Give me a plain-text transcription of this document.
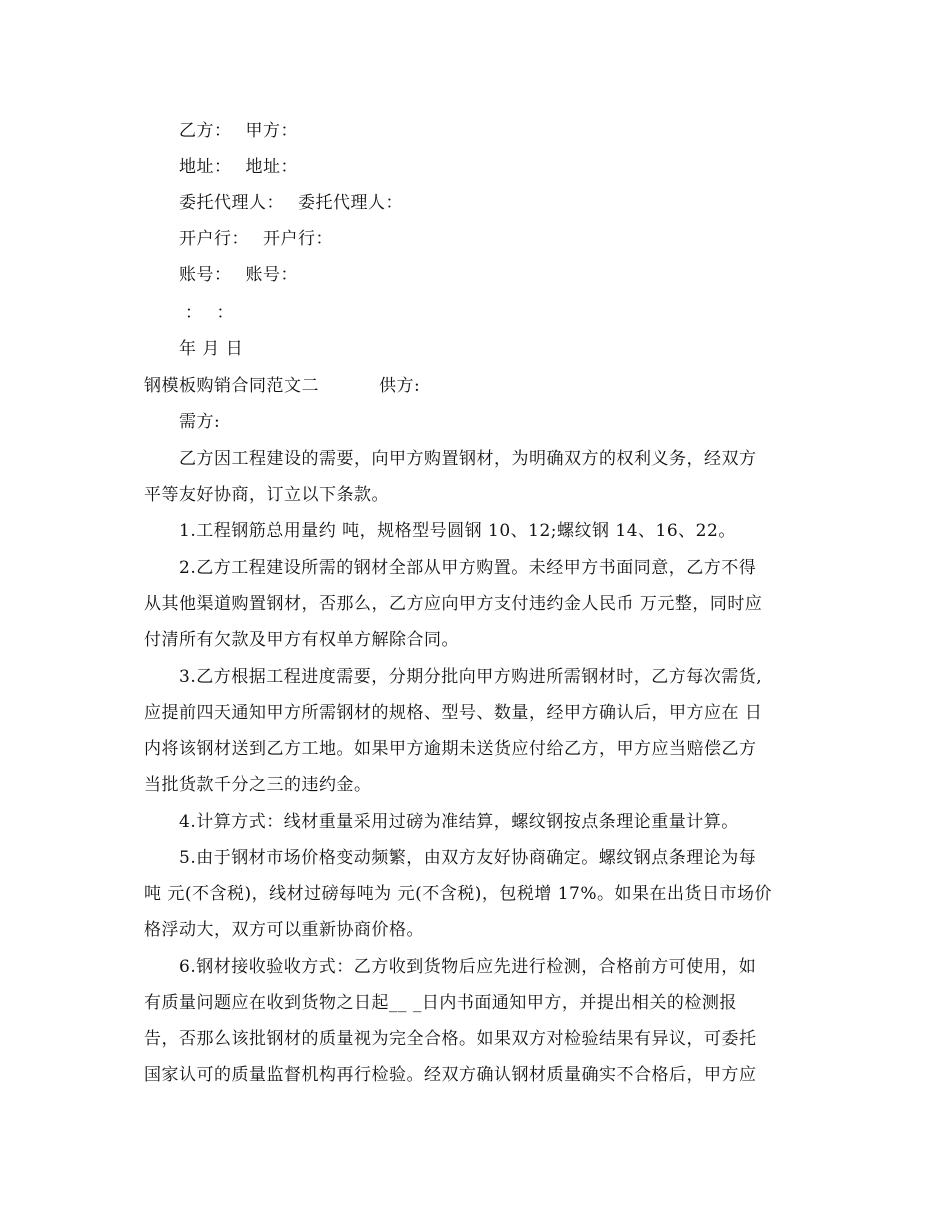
乙方： 甲方：
地址： 地址：
委托代理人： 委托代理人：
开户行： 开户行：
账号： 账号：
： ：
年 月 日
钢模板购销合同范文二	供方:
需方:
乙方因工程建设的需要，向甲方购置钢材，为明确双方的权利义务，经双方
平等友好协商，订立以下条款。
1.工程钢筋总用量约 吨，规格型号圆钢 10、12;螺纹钢 14、16、22。
2.乙方工程建设所需的钢材全部从甲方购置。未经甲方书面同意，乙方不得
从其他渠道购置钢材，否那么，乙方应向甲方支付违约金人民币 万元整，同时应
付清所有欠款及甲方有权单方解除合同。
3.乙方根据工程进度需要，分期分批向甲方购进所需钢材时，乙方每次需货,
应提前四天通知甲方所需钢材的规格、型号、数量，经甲方确认后，甲方应在 日
内将该钢材送到乙方工地。如果甲方逾期未送货应付给乙方，甲方应当赔偿乙方
当批货款千分之三的违约金。
4.计算方式：线材重量采用过磅为准结算，螺纹钢按点条理论重量计算。
5.由于钢材市场价格变动频繁，由双方友好协商确定。螺纹钢点条理论为每
吨 元(不含税)，线材过磅每吨为 元(不含税)，包税增 17%。如果在出货日市场价
格浮动大，双方可以重新协商价格。
6.钢材接收验收方式：乙方收到货物后应先进行检测，合格前方可使用，如
有质量问题应在收到货物之日起__ _日内书面通知甲方，并提出相关的检测报
告，否那么该批钢材的质量视为完全合格。如果双方对检验结果有异议，可委托
国家认可的质量监督机构再行检验。经双方确认钢材质量确实不合格后，甲方应
